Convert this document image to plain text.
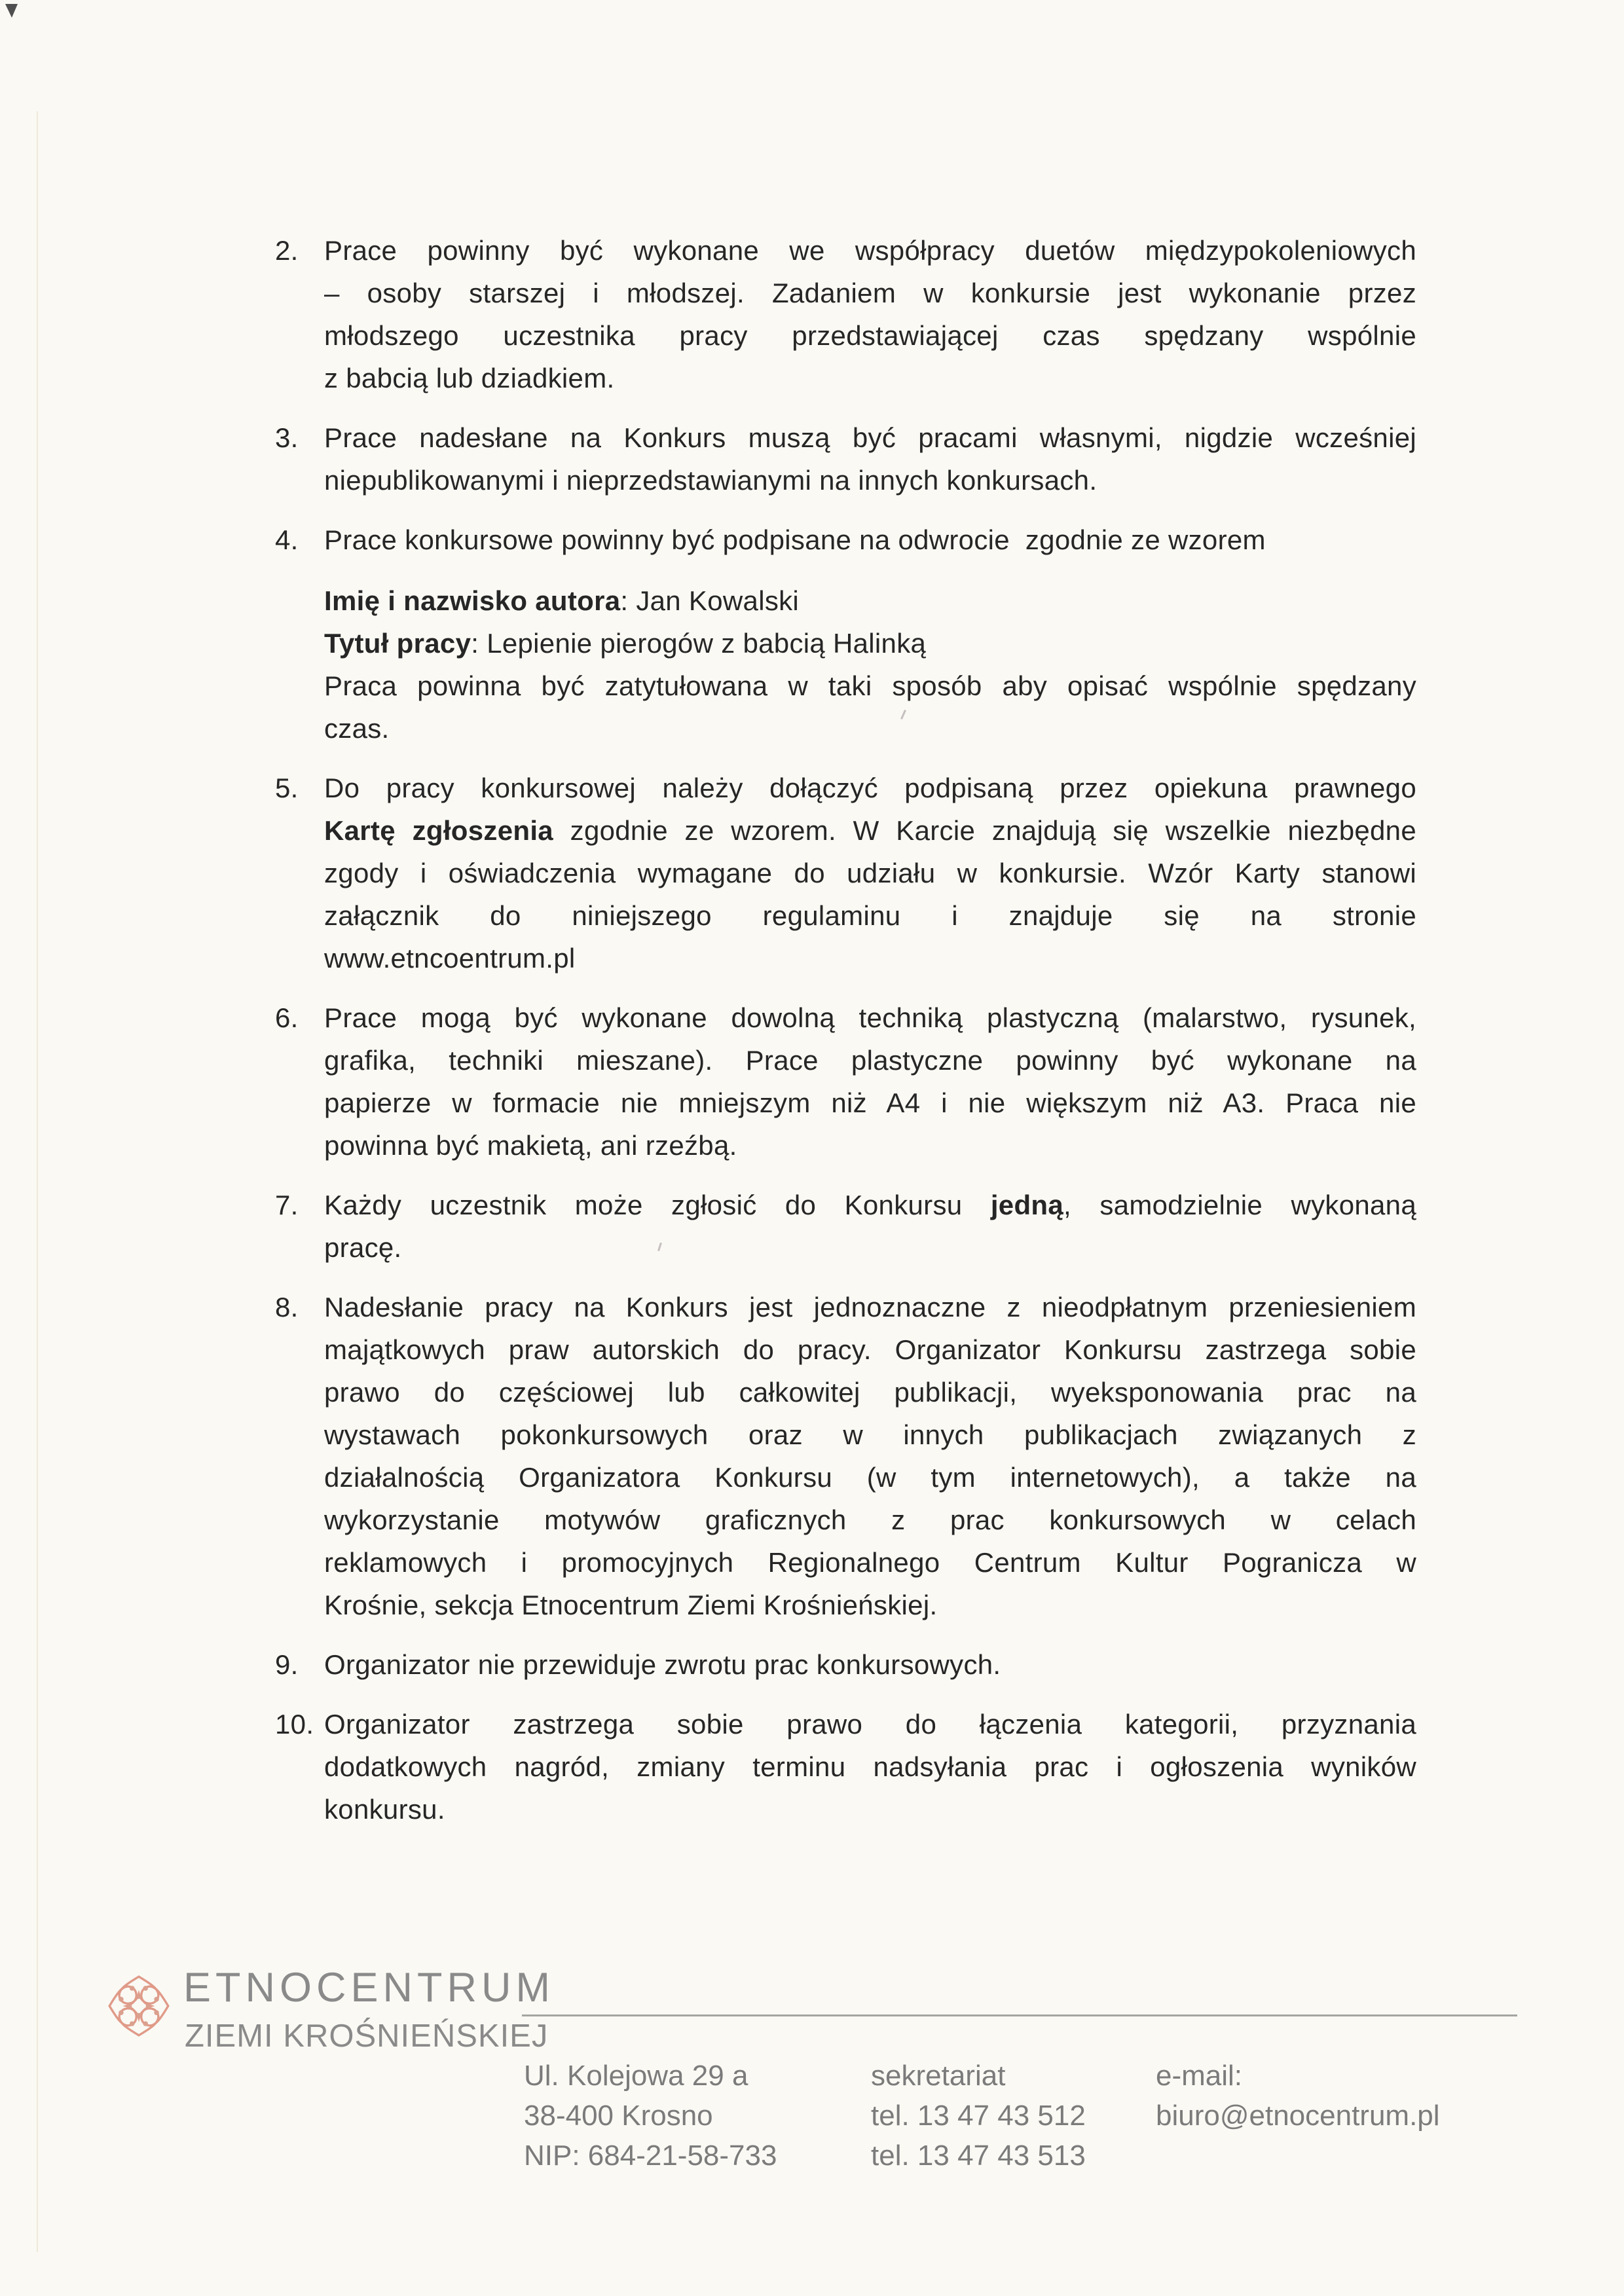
2. Prace powinny być wykonane we współpracy duetów międzypokoleniowych
– osoby starszej i młodszej. Zadaniem w konkursie jest wykonanie przez
młodszego uczestnika pracy przedstawiającej czas spędzany wspólnie
z babcią lub dziadkiem.
3. Prace nadesłane na Konkurs muszą być pracami własnymi, nigdzie wcześniej
niepublikowanymi i nieprzedstawianymi na innych konkursach.
4. Prace konkursowe powinny być podpisane na odwrocie  zgodnie ze wzorem
Imię i nazwisko autora: Jan Kowalski
Tytuł pracy: Lepienie pierogów z babcią Halinką
Praca powinna być zatytułowana w taki sposób aby opisać wspólnie spędzany
czas.
5. Do pracy konkursowej należy dołączyć podpisaną przez opiekuna prawnego
Kartę zgłoszenia zgodnie ze wzorem. W Karcie znajdują się wszelkie niezbędne
zgody i oświadczenia wymagane do udziału w konkursie. Wzór Karty stanowi
załącznik do niniejszego regulaminu i znajduje się na stronie
www.etncoentrum.pl
6. Prace mogą być wykonane dowolną techniką plastyczną (malarstwo, rysunek,
grafika, techniki mieszane). Prace plastyczne powinny być wykonane na
papierze w formacie nie mniejszym niż A4 i nie większym niż A3. Praca nie
powinna być makietą, ani rzeźbą.
7. Każdy uczestnik może zgłosić do Konkursu jedną, samodzielnie wykonaną
pracę.
8. Nadesłanie pracy na Konkurs jest jednoznaczne z nieodpłatnym przeniesieniem
majątkowych praw autorskich do pracy. Organizator Konkursu zastrzega sobie
prawo do częściowej lub całkowitej publikacji, wyeksponowania prac na
wystawach pokonkursowych oraz w innych publikacjach związanych z
działalnością Organizatora Konkursu (w tym internetowych), a także na
wykorzystanie motywów graficznych z prac konkursowych w celach
reklamowych i promocyjnych Regionalnego Centrum Kultur Pogranicza w
Krośnie, sekcja Etnocentrum Ziemi Krośnieńskiej.
9. Organizator nie przewiduje zwrotu prac konkursowych.
10. Organizator zastrzega sobie prawo do łączenia kategorii, przyznania
dodatkowych nagród, zmiany terminu nadsyłania prac i ogłoszenia wyników
konkursu.
ETNOCENTRUM
ZIEMI KROŚNIEŃSKIEJ
Ul. Kolejowa 29 a
38-400 Krosno
NIP: 684-21-58-733
sekretariat
tel. 13 47 43 512
tel. 13 47 43 513
e-mail:
biuro@etnocentrum.pl
